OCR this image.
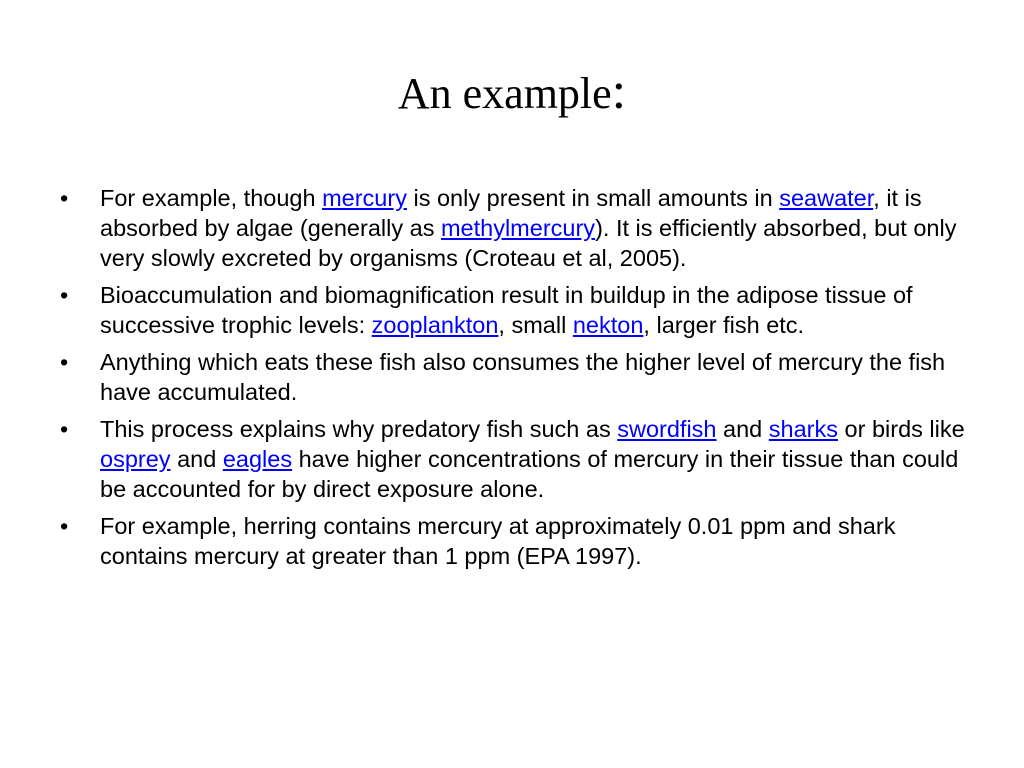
An example:
• For example, though mercury is only present in small amounts in seawater, it is absorbed by algae (generally as methylmercury). It is efficiently absorbed, but only very slowly excreted by organisms (Croteau et al, 2005).
• Bioaccumulation and biomagnification result in buildup in the adipose tissue of successive trophic levels: zooplankton, small nekton, larger fish etc.
• Anything which eats these fish also consumes the higher level of mercury the fish have accumulated.
• This process explains why predatory fish such as swordfish and sharks or birds like osprey and eagles have higher concentrations of mercury in their tissue than could be accounted for by direct exposure alone.
• For example, herring contains mercury at approximately 0.01 ppm and shark contains mercury at greater than 1 ppm (EPA 1997).
